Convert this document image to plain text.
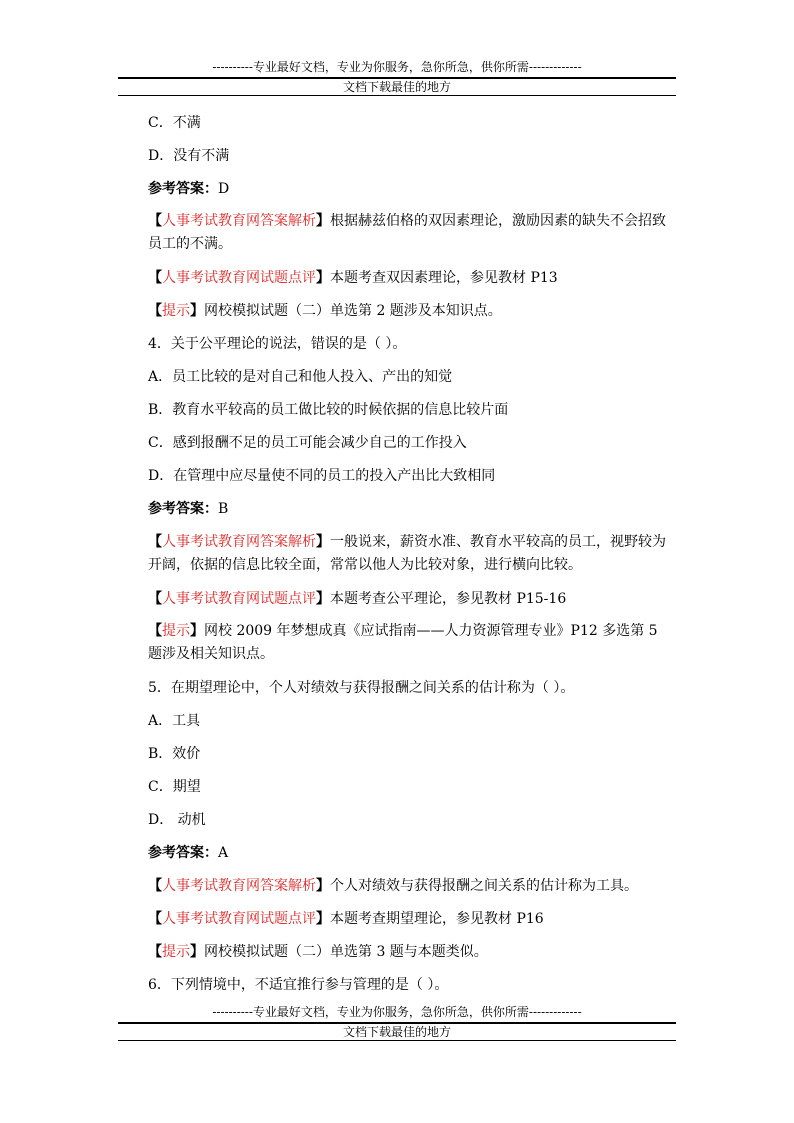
----------专业最好文档，专业为你服务，急你所急，供你所需-------------
文档下载最佳的地方
C．不满
D．没有不满
参考答案：D
【人事考试教育网答案解析】根据赫兹伯格的双因素理论，激励因素的缺失不会招致员工的不满。
【人事考试教育网试题点评】本题考查双因素理论，参见教材 P13
【提示】网校模拟试题（二）单选第 2 题涉及本知识点。
4．关于公平理论的说法，错误的是（ ）。
A．员工比较的是对自己和他人投入、产出的知觉
B．教育水平较高的员工做比较的时候依据的信息比较片面
C．感到报酬不足的员工可能会减少自己的工作投入
D．在管理中应尽量使不同的员工的投入产出比大致相同
参考答案：B
【人事考试教育网答案解析】一般说来，薪资水准、教育水平较高的员工，视野较为开阔，依据的信息比较全面，常常以他人为比较对象，进行横向比较。
【人事考试教育网试题点评】本题考查公平理论，参见教材 P15-16
【提示】网校 2009 年梦想成真《应试指南——人力资源管理专业》P12 多选第 5 题涉及相关知识点。
5．在期望理论中，个人对绩效与获得报酬之间关系的估计称为（ ）。
A．工具
B．效价
C．期望
D． 动机
参考答案：A
【人事考试教育网答案解析】个人对绩效与获得报酬之间关系的估计称为工具。
【人事考试教育网试题点评】本题考查期望理论，参见教材 P16
【提示】网校模拟试题（二）单选第 3 题与本题类似。
6．下列情境中，不适宜推行参与管理的是（ ）。
----------专业最好文档，专业为你服务，急你所急，供你所需-------------
文档下载最佳的地方
